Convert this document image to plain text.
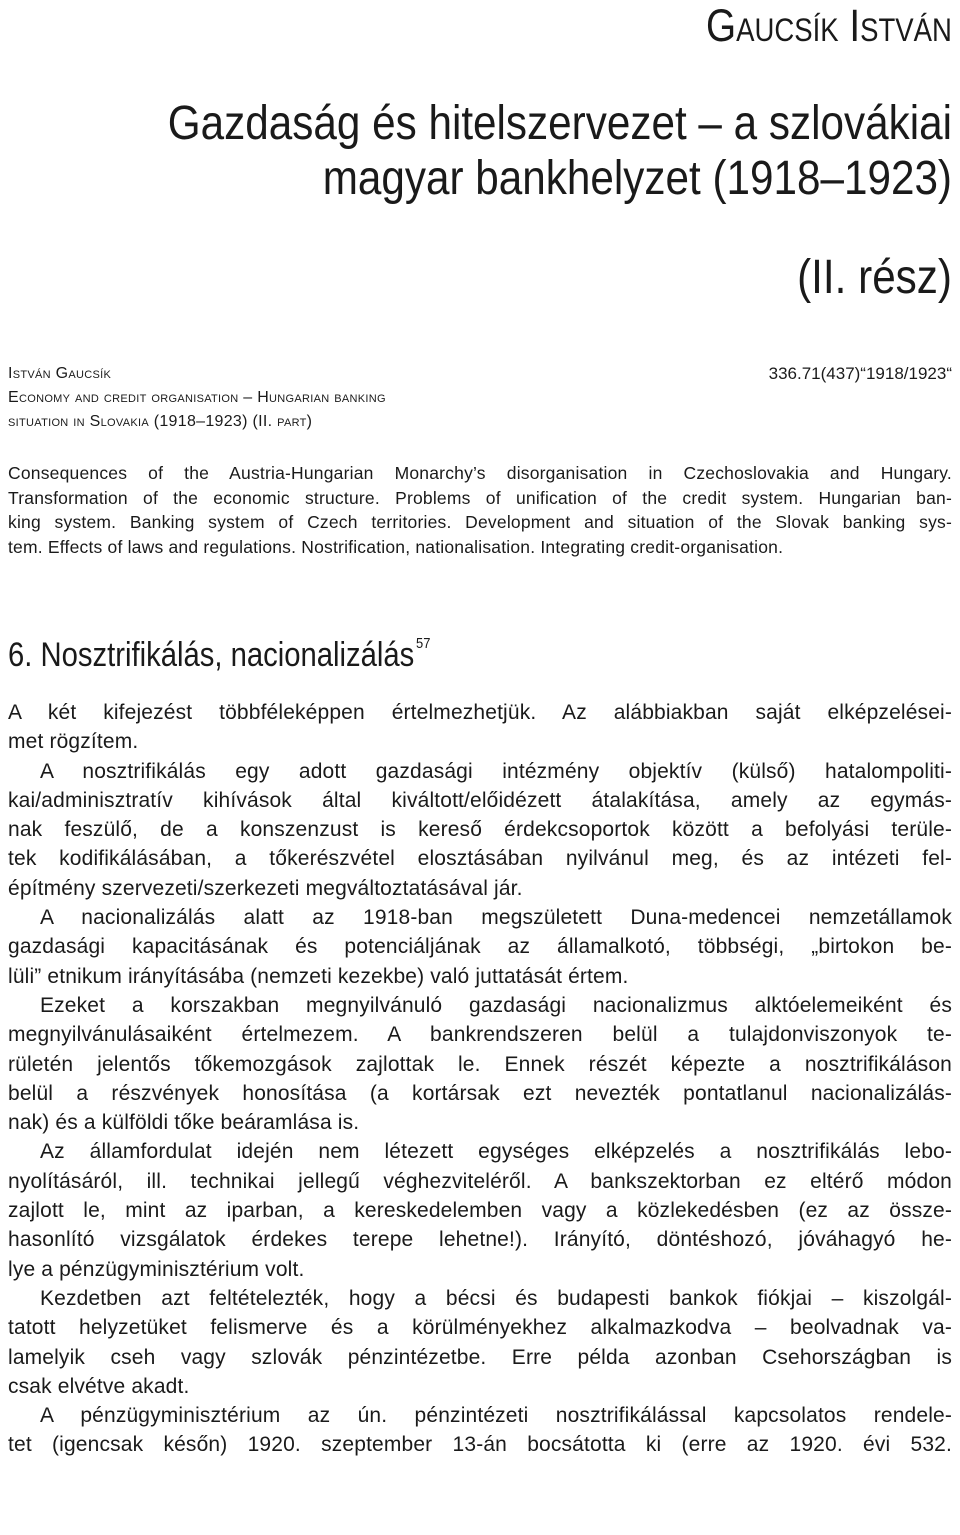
Gaucsík István
Gazdaság és hitelszervezet – a szlovákiai
magyar bankhelyzet (1918–1923)
(II. rész)
István Gaucsík
Economy and credit organisation – Hungarian banking
situation in Slovakia (1918–1923) (II. part)
336.71(437)“1918/1923“
Consequences of the Austria-Hungarian Monarchy’s disorganisation in Czechoslovakia and Hungary.
Transformation of the economic structure. Problems of unification of the credit system. Hungarian ban-
king system. Banking system of Czech territories. Development and situation of the Slovak banking sys-
tem. Effects of laws and regulations. Nostrification, nationalisation. Integrating credit-organisation.
6. Nosztrifikálás, nacionalizálás $^{57}$
A két kifejezést többféleképpen értelmezhetjük. Az alábbiakban saját elképzelései-
met rögzítem.
A nosztrifikálás egy adott gazdasági intézmény objektív (külső) hatalompoliti-
kai/adminisztratív kihívások által kiváltott/előidézett átalakítása, amely az egymás-
nak feszülő, de a konszenzust is kereső érdekcsoportok között a befolyási terüle-
tek kodifikálásában, a tőkerészvétel elosztásában nyilvánul meg, és az intézeti fel-
építmény szervezeti/szerkezeti megváltoztatásával jár.
A nacionalizálás alatt az 1918-ban megszületett Duna-medencei nemzetállamok
gazdasági kapacitásának és potenciáljának az államalkotó, többségi, „birtokon be-
lüli” etnikum irányításába (nemzeti kezekbe) való juttatását értem.
Ezeket a korszakban megnyilvánuló gazdasági nacionalizmus alktóelemeiként és
megnyilvánulásaiként értelmezem. A bankrendszeren belül a tulajdonviszonyok te-
rületén jelentős tőkemozgások zajlottak le. Ennek részét képezte a nosztrifikáláson
belül a részvények honosítása (a kortársak ezt nevezték pontatlanul nacionalizálás-
nak) és a külföldi tőke beáramlása is.
Az államfordulat idején nem létezett egységes elképzelés a nosztrifikálás lebo-
nyolításáról, ill. technikai jellegű véghezviteléről. A bankszektorban ez eltérő módon
zajlott le, mint az iparban, a kereskedelemben vagy a közlekedésben (ez az össze-
hasonlító vizsgálatok érdekes terepe lehetne!). Irányító, döntéshozó, jóváhagyó he-
lye a pénzügyminisztérium volt.
Kezdetben azt feltételezték, hogy a bécsi és budapesti bankok fiókjai – kiszolgál-
tatott helyzetüket felismerve és a körülményekhez alkalmazkodva – beolvadnak va-
lamelyik cseh vagy szlovák pénzintézetbe. Erre példa azonban Csehországban is
csak elvétve akadt.
A pénzügyminisztérium az ún. pénzintézeti nosztrifikálással kapcsolatos rendele-
tet (igencsak későn) 1920. szeptember 13-án bocsátotta ki (erre az 1920. évi 532.
